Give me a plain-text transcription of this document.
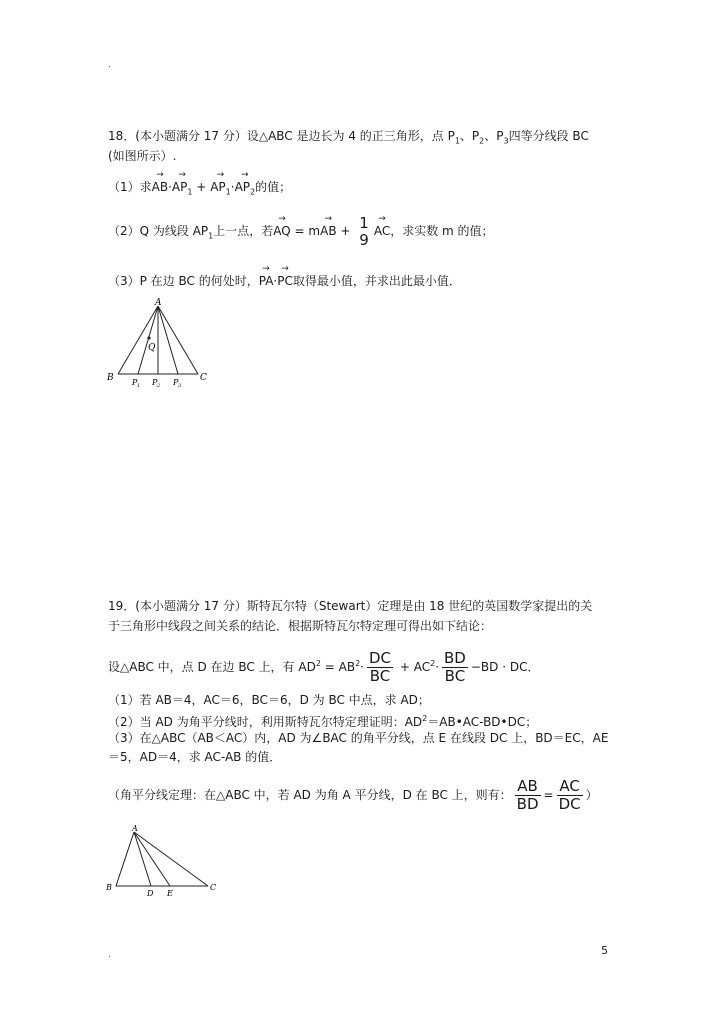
.
18．(本小题满分 17 分）设△ABC 是边长为 4 的正三角形，点 $P_1$、$P_2$、$P_3$四等分线段 BC
(如图所示）.
（1）求→ $AB\cdot\to AP_1$ + → $AP_1\cdot\to AP_2$的值；
（2）Q 为线段 $AP_1$上一点，若→ AQ = m→ AB + 1
9 → AC，求实数 m 的值；
（3）P 在边 BC 的何处时，→ PA·→ PC取得最小值，并求出此最小值．
A
B	C
Q
P 1 P 2 P 3
19．(本小题满分 17 分）斯特瓦尔特（Stewart）定理是由 18 世纪的英国数学家提出的关
于三角形中线段之间关系的结论．根据斯特瓦尔特定理可得出如下结论：
设△ABC 中，点 D 在边 BC 上，有 $AD^2 = AB^2\cdot \frac{DC}{BC} + AC^2\cdot \frac{BD}{BC} -BD$ · DC．
（1）若 AB＝4，AC＝6，BC＝6，D 为 BC 中点，求 AD；
（2）当 AD 为角平分线时，利用斯特瓦尔特定理证明：$AD^2=AB•AC-BD•DC$；
（3）在△ABC（AB＜AC）内，AD 为∠BAC 的角平分线，点 E 在线段 DC 上，BD＝EC，AE
＝5，AD＝4，求 AC-AB 的值．
（角平分线定理：在△ABC 中，若 AD 为角 A 平分线，D 在 BC 上，则有： $\frac{AB}{BD} = \frac{AC}{DC}$ ）
A
B	C
D E
.	5
